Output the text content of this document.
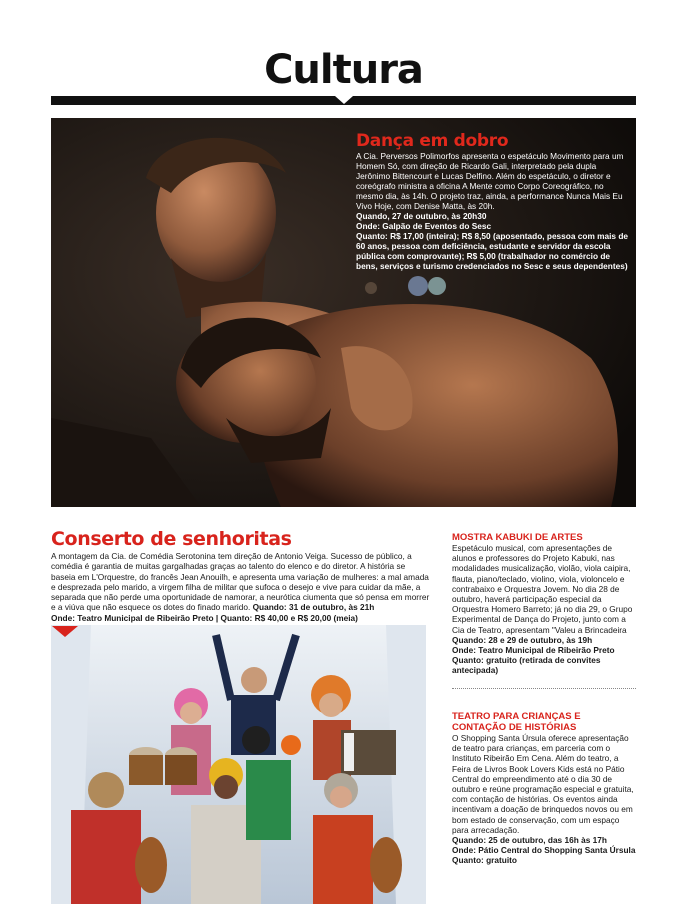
Cultura
Dança em dobro
A Cia. Perversos Polimorfos apresenta o espetáculo Movimento para um Homem Só, com direção de Ricardo Gali, interpretado pela dupla Jerônimo Bittencourt e Lucas Delfino. Além do espetáculo, o diretor e coreógrafo ministra a oficina A Mente como Corpo Coreográfico, no mesmo dia, às 14h. O projeto traz, ainda, a performance Nunca Mais Eu Vivo Hoje, com Denise Matta, às 20h.
Quando, 27 de outubro, às 20h30
Onde: Galpão de Eventos do Sesc
Quanto: R$ 17,00 (inteira); R$ 8,50 (aposentado, pessoa com mais de 60 anos, pessoa com deficiência, estudante e servidor da escola pública com comprovante); R$ 5,00 (trabalhador no comércio de bens, serviços e turismo credenciados no Sesc e seus dependentes)
Conserto de senhoritas
A montagem da Cia. de Comédia Serotonina tem direção de Antonio Veiga. Sucesso de público, a comédia é garantia de muitas gargalhadas graças ao talento do elenco e do diretor. A história se baseia em L'Orquestre, do francês Jean Anouilh, e apresenta uma variação de mulheres: a mal amada e desprezada pelo marido, a virgem filha de militar que sufoca o desejo e vive para cuidar da mãe, a separada que não perde uma oportunidade de namorar, a neurótica ciumenta que só pensa em morrer e a viúva que não esquece os dotes do finado marido. Quando: 31 de outubro, às 21h
Onde: Teatro Municipal de Ribeirão Preto | Quanto: R$ 40,00 e R$ 20,00 (meia)
MOSTRA KABUKI DE ARTES
Espetáculo musical, com apresentações de alunos e professores do Projeto Kabuki, nas modalidades musicalização, violão, viola caipira, flauta, piano/teclado, violino, viola, violoncelo e contrabaixo e Orquestra Jovem. No dia 28 de outubro, haverá participação especial da Orquestra Homero Barreto; já no dia 29, o Grupo Experimental de Dança do Projeto, junto com a Cia de Teatro, apresentam "Valeu a Brincadeira
Quando: 28 e 29 de outubro, às 19h
Onde: Teatro Municipal de Ribeirão Preto
Quanto: gratuito (retirada de convites antecipada)
TEATRO PARA CRIANÇAS E CONTAÇÃO DE HISTÓRIAS
O Shopping Santa Úrsula oferece apresentação de teatro para crianças, em parceria com o Instituto Ribeirão Em Cena. Além do teatro, a Feira de Livros Book Lovers Kids está no Pátio Central do empreendimento até o dia 30 de outubro e reúne programação especial e gratuita, com contação de histórias. Os eventos ainda incentivam a doação de brinquedos novos ou em bom estado de conservação, com um espaço para arrecadação.
Quando: 25 de outubro, das 16h às 17h
Onde: Pátio Central do Shopping Santa Úrsula
Quanto: gratuito
